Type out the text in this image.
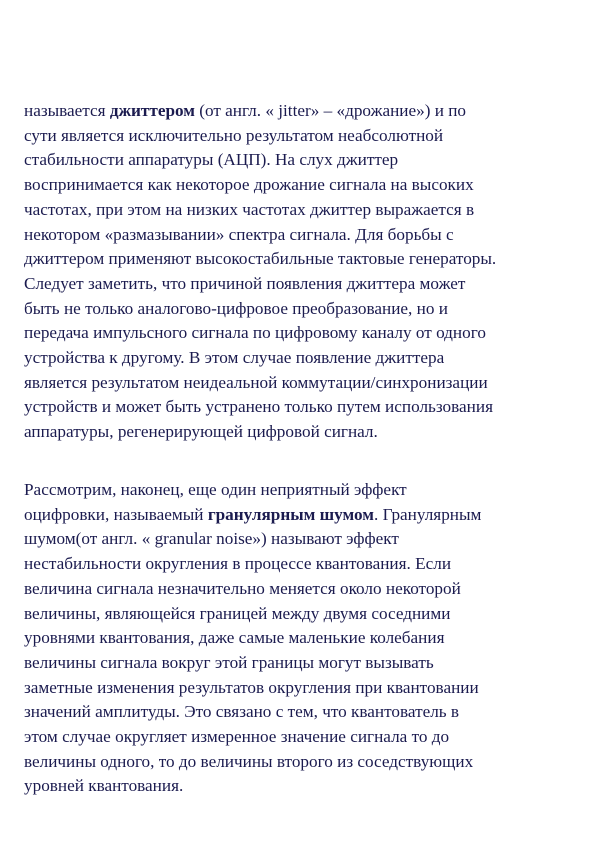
называется джиттером (от англ. « jitter» – «дрожание») и по
сути является исключительно результатом неабсолютной
стабильности аппаратуры (АЦП). На слух джиттер
воспринимается как некоторое дрожание сигнала на высоких
частотах, при этом на низких частотах джиттер выражается в
некотором «размазывании» спектра сигнала. Для борьбы с
джиттером применяют высокостабильные тактовые генераторы.
Следует заметить, что причиной появления джиттера может
быть не только аналогово-цифровое преобразование, но и
передача импульсного сигнала по цифровому каналу от одного
устройства к другому. В этом случае появление джиттера
является результатом неидеальной коммутации/синхронизации
устройств и может быть устранено только путем использования
аппаратуры, регенерирующей цифровой сигнал.

Рассмотрим, наконец, еще один неприятный эффект
оцифровки, называемый гранулярным шумом. Гранулярным
шумом(от англ. « granular noise») называют эффект
нестабильности округления в процессе квантования. Если
величина сигнала незначительно меняется около некоторой
величины, являющейся границей между двумя соседними
уровнями квантования, даже самые маленькие колебания
величины сигнала вокруг этой границы могут вызывать
заметные изменения результатов округления при квантовании
значений амплитуды. Это связано с тем, что квантователь в
этом случае округляет измеренное значение сигнала то до
величины одного, то до величины второго из соседствующих
уровней квантования.
